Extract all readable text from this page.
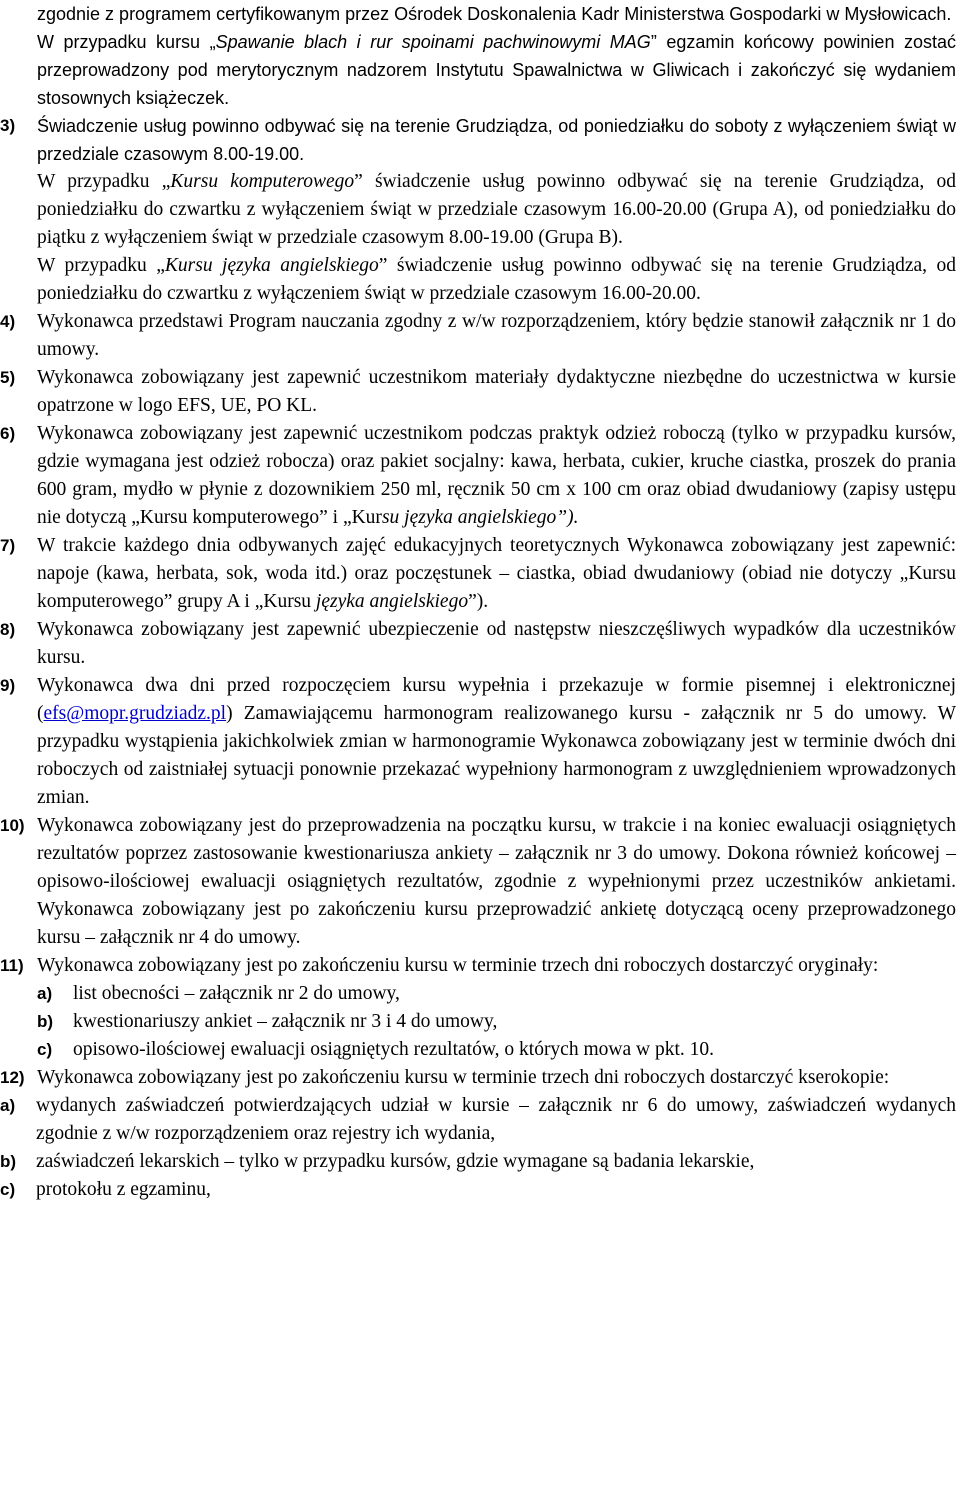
zgodnie z programem certyfikowanym przez Ośrodek Doskonalenia Kadr Ministerstwa Gospodarki w Mysłowicach.

W przypadku kursu „Spawanie blach i rur spoinami pachwinowymi MAG” egzamin końcowy powinien zostać przeprowadzony pod merytorycznym nadzorem Instytutu Spawalnictwa w Gliwicach i zakończyć się wydaniem stosownych książeczek.

3)	Świadczenie usług powinno odbywać się na terenie Grudziądza, od poniedziałku do soboty z wyłączeniem świąt w przedziale czasowym 8.00-19.00.

W przypadku „Kursu komputerowego” świadczenie usług powinno odbywać się na terenie Grudziądza, od poniedziałku do czwartku z wyłączeniem świąt w przedziale czasowym 16.00-20.00 (Grupa A), od poniedziałku do piątku z wyłączeniem świąt w przedziale czasowym 8.00-19.00 (Grupa B).

W przypadku „Kursu języka angielskiego” świadczenie usług powinno odbywać się na terenie Grudziądza, od poniedziałku do czwartku z wyłączeniem świąt w przedziale czasowym 16.00-20.00.

4)	Wykonawca przedstawi Program nauczania zgodny z w/w rozporządzeniem, który będzie stanowił załącznik nr 1 do umowy.
5)	Wykonawca zobowiązany jest zapewnić uczestnikom materiały dydaktyczne niezbędne do uczestnictwa w kursie opatrzone w logo EFS, UE, PO KL.
6)	Wykonawca zobowiązany jest zapewnić uczestnikom podczas praktyk odzież roboczą (tylko w przypadku kursów, gdzie wymagana jest odzież robocza) oraz pakiet socjalny: kawa, herbata, cukier, kruche ciastka, proszek do prania 600 gram, mydło w płynie z dozownikiem 250 ml, ręcznik 50 cm x 100 cm oraz obiad dwudaniowy (zapisy ustępu nie dotyczą „Kursu komputerowego” i „Kursu języka angielskiego”).
7)	W trakcie każdego dnia odbywanych zajęć edukacyjnych teoretycznych Wykonawca zobowiązany jest zapewnić: napoje (kawa, herbata, sok, woda itd.) oraz poczęstunek – ciastka, obiad dwudaniowy (obiad nie dotyczy „Kursu komputerowego” grupy A i „Kursu języka angielskiego”).
8)	Wykonawca zobowiązany jest zapewnić ubezpieczenie od następstw nieszczęśliwych wypadków dla uczestników kursu.
9)	Wykonawca dwa dni przed rozpoczęciem kursu wypełnia i przekazuje w formie pisemnej i elektronicznej (efs@mopr.grudziadz.pl) Zamawiającemu harmonogram realizowanego kursu - załącznik nr 5 do umowy. W przypadku wystąpienia jakichkolwiek zmian w harmonogramie Wykonawca zobowiązany jest w terminie dwóch dni roboczych od zaistniałej sytuacji ponownie przekazać wypełniony harmonogram z uwzględnieniem wprowadzonych zmian.
10) Wykonawca zobowiązany jest do przeprowadzenia na początku kursu, w trakcie i na koniec ewaluacji osiągniętych rezultatów poprzez zastosowanie kwestionariusza ankiety – załącznik nr 3 do umowy. Dokona również końcowej – opisowo-ilościowej ewaluacji osiągniętych rezultatów, zgodnie z wypełnionymi przez uczestników ankietami. Wykonawca zobowiązany jest po zakończeniu kursu przeprowadzić ankietę dotyczącą oceny przeprowadzonego kursu – załącznik nr 4 do umowy.
11) Wykonawca zobowiązany jest po zakończeniu kursu w terminie trzech dni roboczych dostarczyć oryginały:
a)	list obecności – załącznik nr 2 do umowy,
b)	kwestionariuszy ankiet – załącznik nr 3 i 4 do umowy,
c)	opisowo-ilościowej ewaluacji osiągniętych rezultatów, o których mowa w pkt. 10.
12) Wykonawca zobowiązany jest po zakończeniu kursu w terminie trzech dni roboczych dostarczyć kserokopie:
a)	wydanych zaświadczeń potwierdzających udział w kursie – załącznik nr 6 do umowy, zaświadczeń wydanych zgodnie z w/w rozporządzeniem oraz rejestry ich wydania,
b)	zaświadczeń lekarskich – tylko w przypadku kursów, gdzie wymagane są badania lekarskie,
c)	protokołu z egzaminu,
